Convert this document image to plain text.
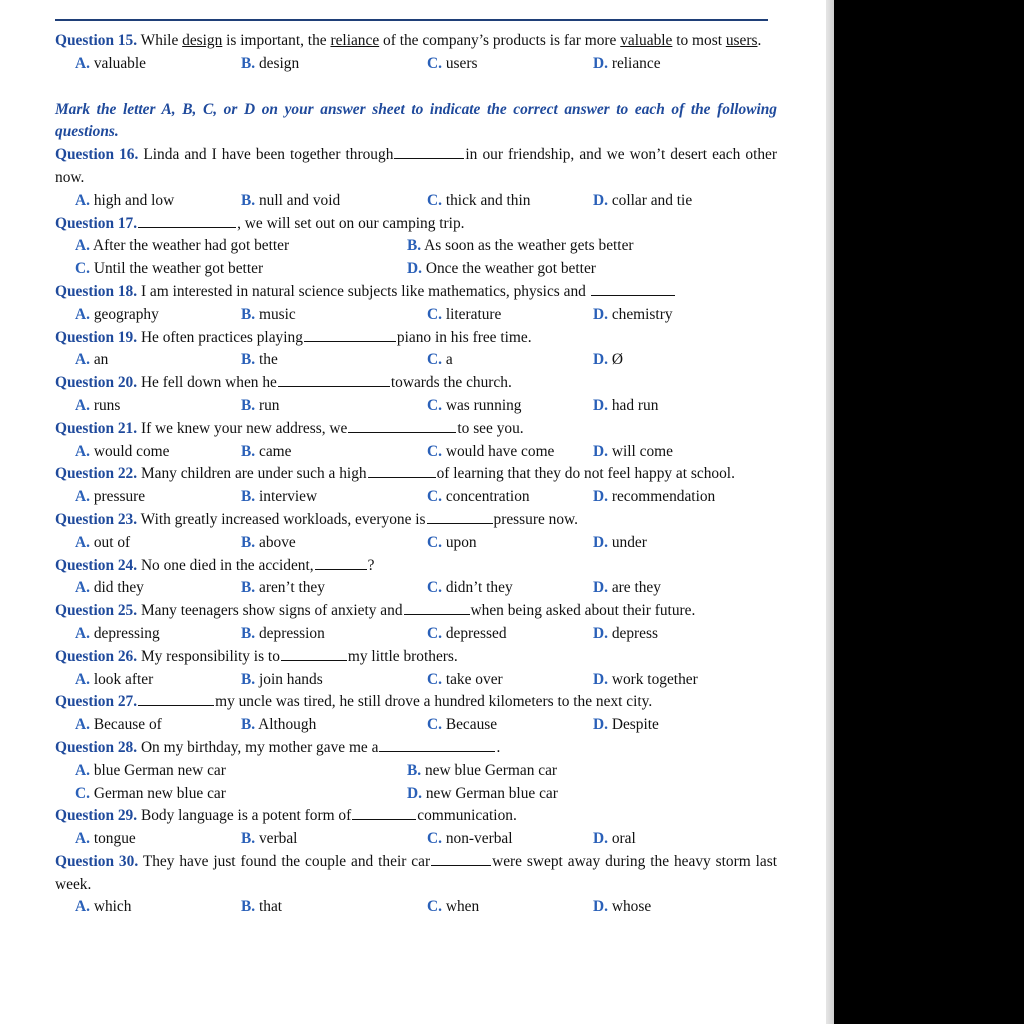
Question 15. While design is important, the reliance of the company’s products is far more valuable to most users.

A. valuable	B. design	C. users	D. reliance

Mark the letter A, B, C, or D on your answer sheet to indicate the correct answer to each of the following questions.

Question 16. Linda and I have been together through	in our friendship, and we won’t desert each other now.

A. high and low	B. null and void	C. thick and thin	D. collar and tie

Question 17.	, we will set out on our camping trip.

A. After the weather had got better	B. As soon as the weather gets better
C. Until the weather got better	D. Once the weather got better

Question 18. I am interested in natural science subjects like mathematics, physics and

A. geography	B. music	C. literature	D. chemistry

Question 19. He often practices playing	piano in his free time.

A. an	B. the	C. a	D. Ø

Question 20. He fell down when he	towards the church.

A. runs	B. run	C. was running	D. had run

Question 21. If we knew your new address, we	to see you.

A. would come	B. came	C. would have come	D. will come

Question 22. Many children are under such a high	of learning that they do not feel happy at school.

A. pressure	B. interview	C. concentration	D. recommendation

Question 23. With greatly increased workloads, everyone is	pressure now.

A. out of	B. above	C. upon	D. under

Question 24. No one died in the accident,	?

A. did they	B. aren’t they	C. didn’t they	D. are they

Question 25. Many teenagers show signs of anxiety and	when being asked about their future.

A. depressing	B. depression	C. depressed	D. depress

Question 26. My responsibility is to	my little brothers.

A. look after	B. join hands	C. take over	D. work together

Question 27.	my uncle was tired, he still drove a hundred kilometers to the next city.

A. Because of	B. Although	C. Because	D. Despite

Question 28. On my birthday, my mother gave me a	.

A. blue German new car	B. new blue German car
C. German new blue car	D. new German blue car

Question 29. Body language is a potent form of	communication.

A. tongue	B. verbal	C. non-verbal	D. oral

Question 30. They have just found the couple and their car	were swept away during the heavy storm last week.

A. which	B. that	C. when	D. whose
